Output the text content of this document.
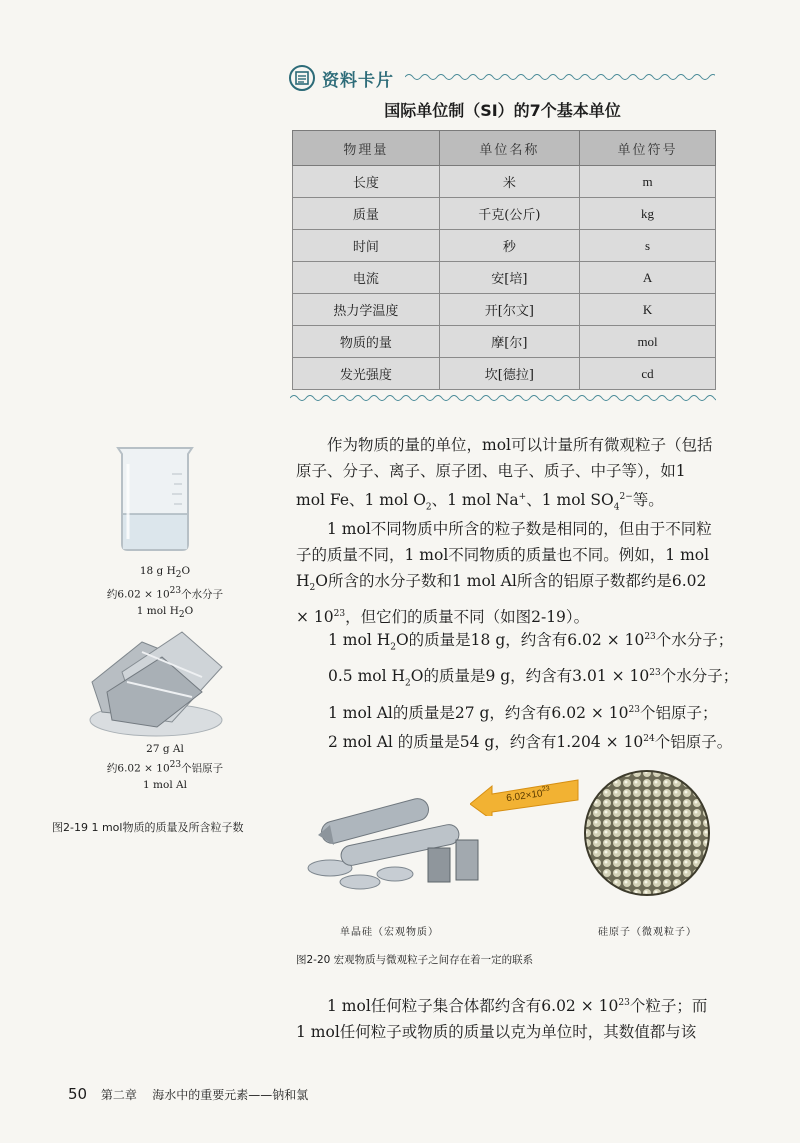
资料卡片
国际单位制（SI）的7个基本单位
物理量	单位名称	单位符号
长度	米	m
质量	千克(公斤)	kg
时间	秒	s
电流	安[培]	A
热力学温度	开[尔文]	K
物质的量	摩[尔]	mol
发光强度	坎[德拉]	cd
作为物质的量的单位，mol可以计量所有微观粒子（包括原子、分子、离子、原子团、电子、质子、中子等），如1 mol Fe、1 mol $O_2$、1 mol Na+、1 mol $SO_4^{2-}$等。
1 mol不同物质中所含的粒子数是相同的，但由于不同粒子的质量不同，1 mol不同物质的质量也不同。例如，1 mol $H_2O$所含的水分子数和1 mol Al所含的铝原子数都约是$6.02 \times 10^{23}$，但它们的质量不同（如图2-19）。
1 mol $H_2O$的质量是18 g，约含有$6.02 \times 10^{23}$个水分子；
0.5 mol $H_2O$的质量是9 g，约含有$3.01 \times 10^{23}$个水分子；
1 mol Al的质量是27 g，约含有$6.02 \times 10^{23}$个铝原子；
2 mol Al 的质量是54 g，约含有$1.204 \times 10^{24}$个铝原子。
18 g $H_2O$
约$6.02 \times 10^{23}$个水分子
1 mol $H_2O$
27 g Al
约$6.02 \times 10^{23}$个铝原子
1 mol Al
图2-19 1 mol物质的质量及所含粒子数
$6.02\times 10^{23}$
单晶硅（宏观物质）	硅原子（微观粒子）
图2-20 宏观物质与微观粒子之间存在着一定的联系
1 mol任何粒子集合体都约含有$6.02 \times 10^{23}$个粒子；而1 mol任何粒子或物质的质量以克为单位时，其数值都与该
50 第二章 海水中的重要元素——钠和氯
